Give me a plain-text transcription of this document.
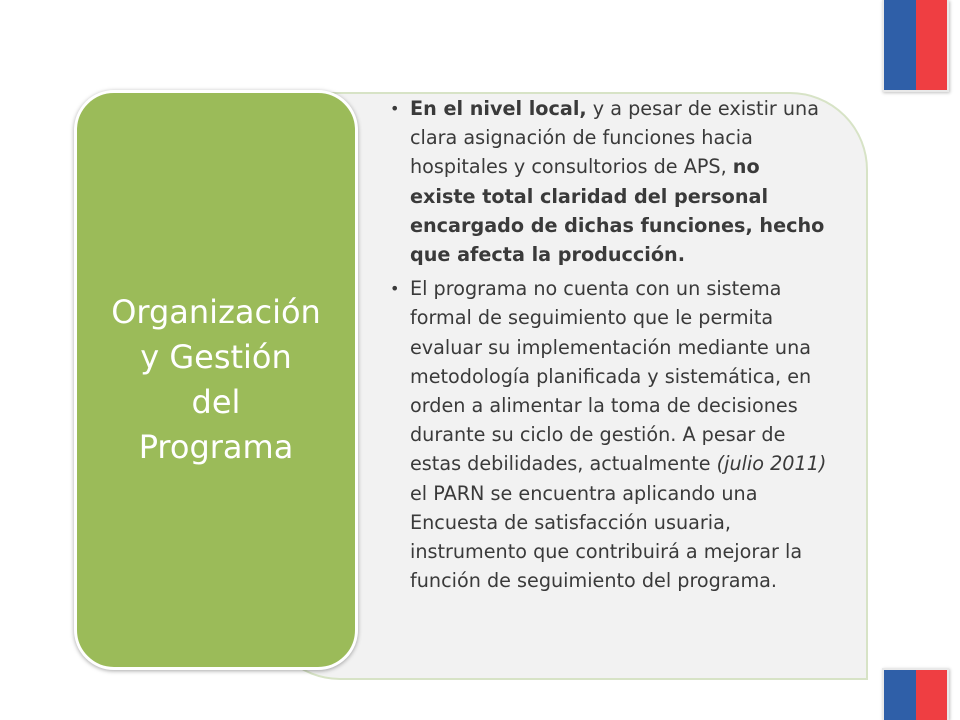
• En el nivel local, y a pesar de existir una clara asignación de funciones hacia hospitales y consultorios de APS, no existe total claridad del personal encargado de dichas funciones, hecho que afecta la producción.
• El programa no cuenta con un sistema formal de seguimiento que le permita evaluar su implementación mediante una metodología planificada y sistemática, en orden a alimentar la toma de decisiones durante su ciclo de gestión. A pesar de estas debilidades, actualmente (julio 2011) el PARN se encuentra aplicando una Encuesta de satisfacción usuaria, instrumento que contribuirá a mejorar la función de seguimiento del programa.

Organización
y Gestión
del
Programa
